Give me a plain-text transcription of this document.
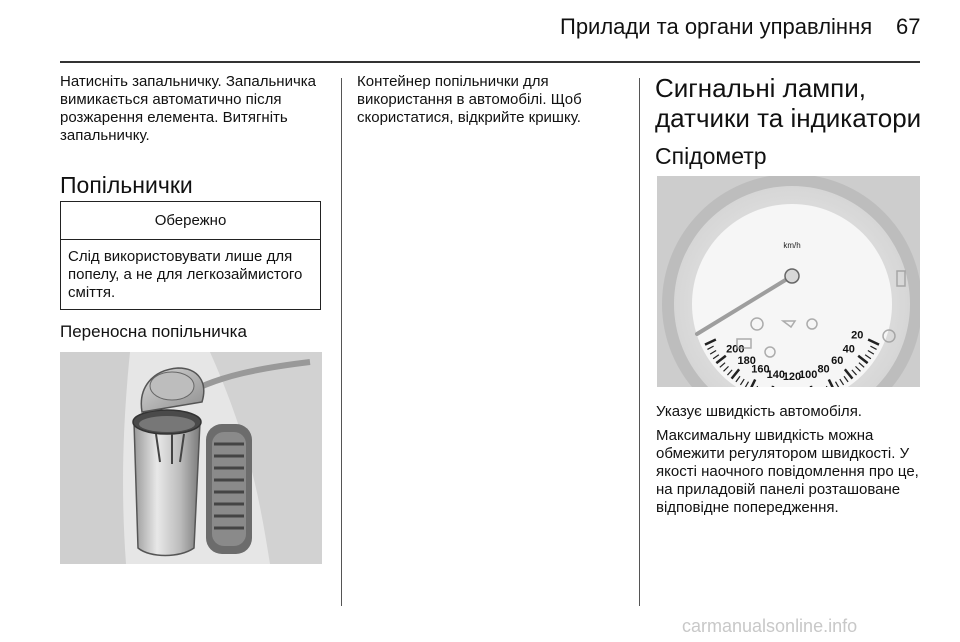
Прилади та органи управління 67

Натисніть запальничку. Запальничка вимикається автоматично після розжарення елемента. Витягніть запальничку.

Попільнички
Обережно
Слід використовувати лише для попелу, а не для легкозаймистого сміття.
Переносна попільничка

Контейнер попільнички для використання в автомобілі. Щоб скористатися, відкрийте кришку.

Сигнальні лампи,
датчики та індикатори
Спідометр
20
40
60
80
100
120
140
160
180
200
km/h

Указує швидкість автомобіля.

Максимальну швидкість можна обмежити регулятором швидкості. У якості наочного повідомлення про це, на приладовій панелі розташоване відповідне попередження.

carmanualsonline.info
